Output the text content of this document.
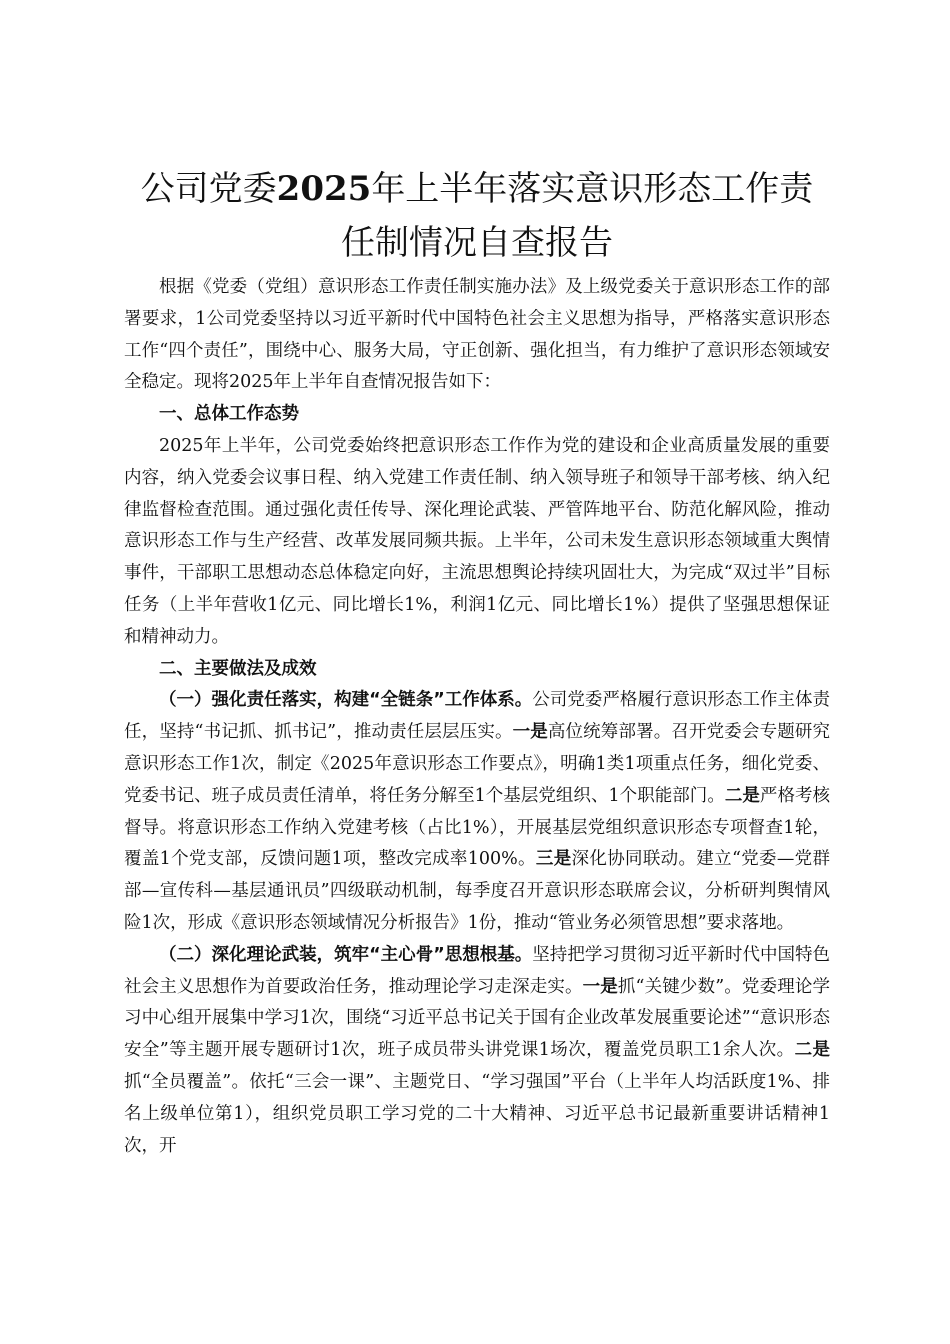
公司党委2025年上半年落实意识形态工作责
任制情况自查报告

根据《党委（党组）意识形态工作责任制实施办法》及上级党委关于意识形态工作的部署要求，1公司党委坚持以习近平新时代中国特色社会主义思想为指导，严格落实意识形态工作“四个责任”，围绕中心、服务大局，守正创新、强化担当，有力维护了意识形态领域安全稳定。现将2025年上半年自查情况报告如下：

一、总体工作态势

2025年上半年，公司党委始终把意识形态工作作为党的建设和企业高质量发展的重要内容，纳入党委会议事日程、纳入党建工作责任制、纳入领导班子和领导干部考核、纳入纪律监督检查范围。通过强化责任传导、深化理论武装、严管阵地平台、防范化解风险，推动意识形态工作与生产经营、改革发展同频共振。上半年，公司未发生意识形态领域重大舆情事件，干部职工思想动态总体稳定向好，主流思想舆论持续巩固壮大，为完成“双过半”目标任务（上半年营收1亿元、同比增长1%，利润1亿元、同比增长1%）提供了坚强思想保证和精神动力。

二、主要做法及成效

（一）强化责任落实，构建“全链条”工作体系。公司党委严格履行意识形态工作主体责任，坚持“书记抓、抓书记”，推动责任层层压实。一是高位统筹部署。召开党委会专题研究意识形态工作1次，制定《2025年意识形态工作要点》，明确1类1项重点任务，细化党委、党委书记、班子成员责任清单，将任务分解至1个基层党组织、1个职能部门。二是严格考核督导。将意识形态工作纳入党建考核（占比1%），开展基层党组织意识形态专项督查1轮，覆盖1个党支部，反馈问题1项，整改完成率100%。三是深化协同联动。建立“党委—党群部—宣传科—基层通讯员”四级联动机制，每季度召开意识形态联席会议，分析研判舆情风险1次，形成《意识形态领域情况分析报告》1份，推动“管业务必须管思想”要求落地。

（二）深化理论武装，筑牢“主心骨”思想根基。坚持把学习贯彻习近平新时代中国特色社会主义思想作为首要政治任务，推动理论学习走深走实。一是抓“关键少数”。党委理论学习中心组开展集中学习1次，围绕“习近平总书记关于国有企业改革发展重要论述”“意识形态安全”等主题开展专题研讨1次，班子成员带头讲党课1场次，覆盖党员职工1余人次。二是抓“全员覆盖”。依托“三会一课”、主题党日、“学习强国”平台（上半年人均活跃度1%、排名上级单位第1），组织党员职工学习党的二十大精神、习近平总书记最新重要讲话精神1次，开
